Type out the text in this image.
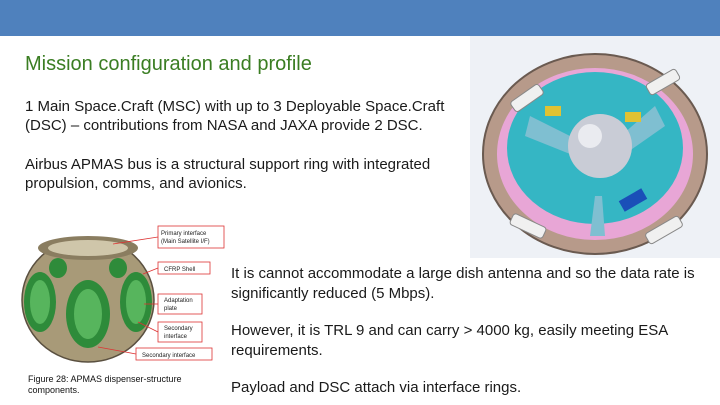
Mission configuration and profile
1 Main Space.Craft (MSC) with up to 3 Deployable Space.Craft (DSC) – contributions from NASA and JAXA provide 2 DSC.
Airbus APMAS bus is a structural support ring with integrated propulsion, comms, and avionics.
Primary interface
(Main Satellite I/F)
CFRP Shell
Adaptation
plate
Secondary
interface
Secondary interface
Figure 28: APMAS dispenser-structure components.
It is cannot accommodate a large dish antenna and so the data rate is significantly reduced (5 Mbps).
However, it is TRL 9 and can carry > 4000 kg, easily meeting ESA requirements.
Payload and DSC attach via interface rings.
